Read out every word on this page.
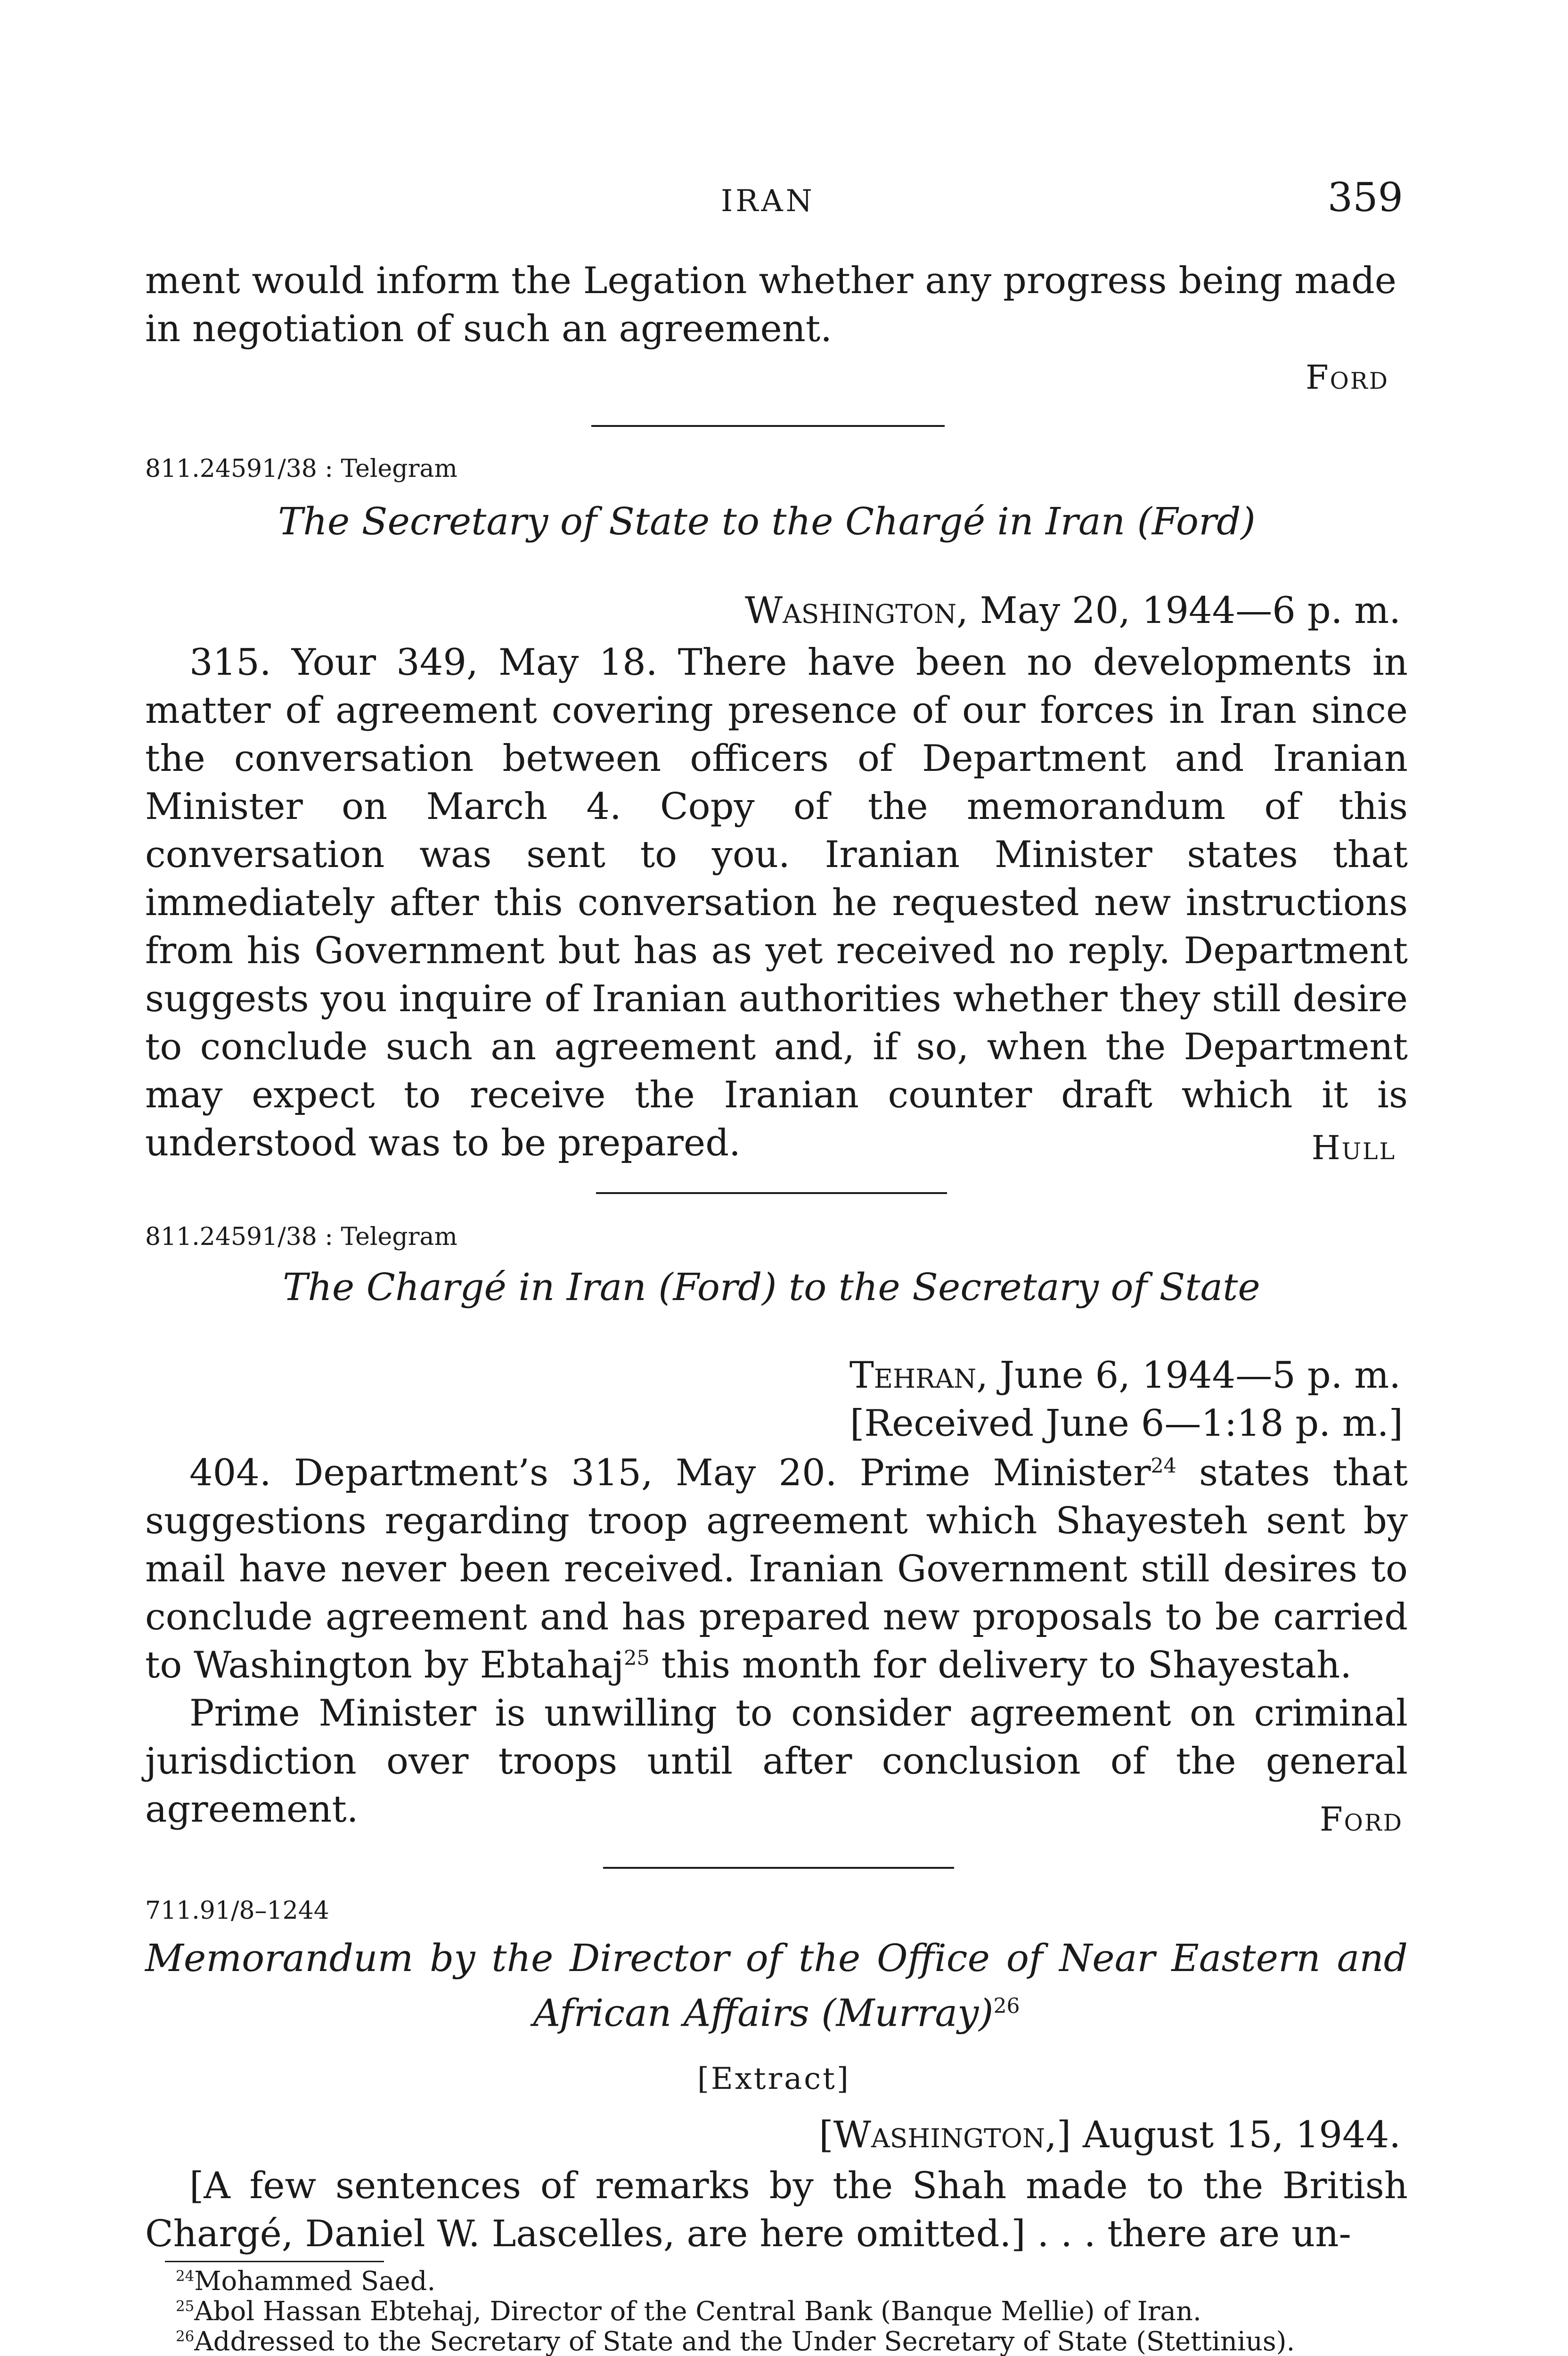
IRAN	359
ment would inform the Legation whether any progress being made
in negotiation of such an agreement.
Ford
811.24591/38 : Telegram
The Secretary of State to the Chargé in Iran (Ford)
Washington, May 20, 1944—6 p. m.

315. Your 349, May 18. There have been no developments in matter of agreement covering presence of our forces in Iran since the conversation between officers of Department and Iranian Minister on March 4. Copy of the memorandum of this conversation was sent to you. Iranian Minister states that immediately after this conversation he requested new instructions from his Government but has as yet received no reply. Department suggests you inquire of Iranian authorities whether they still desire to conclude such an agreement and, if so, when the Department may expect to receive the Iranian counter draft which it is understood was to be prepared.	Hull
811.24591/38 : Telegram
The Chargé in Iran (Ford) to the Secretary of State
Tehran, June 6, 1944—5 p. m.
[Received June 6—1:18 p. m.]

404. Department’s 315, May 20. Prime Minister$^{24}$ states that suggestions regarding troop agreement which Shayesteh sent by mail have never been received. Iranian Government still desires to conclude agreement and has prepared new proposals to be carried to Washington by Ebtahaj$^{25}$ this month for delivery to Shayestah.

Prime Minister is unwilling to consider agreement on criminal jurisdiction over troops until after conclusion of the general agreement.	Ford
711.91/8–1244
Memorandum by the Director of the Office of Near Eastern and
African Affairs (Murray)$^{26}$
[Extract]
[Washington,] August 15, 1944.

[A few sentences of remarks by the Shah made to the British Chargé, Daniel W. Lascelles, are here omitted.] . . . there are un-

$^{24}$Mohammed Saed.
$^{25}$Abol Hassan Ebtehaj, Director of the Central Bank (Banque Mellie) of Iran.
$^{26}$Addressed to the Secretary of State and the Under Secretary of State (Stettinius).
